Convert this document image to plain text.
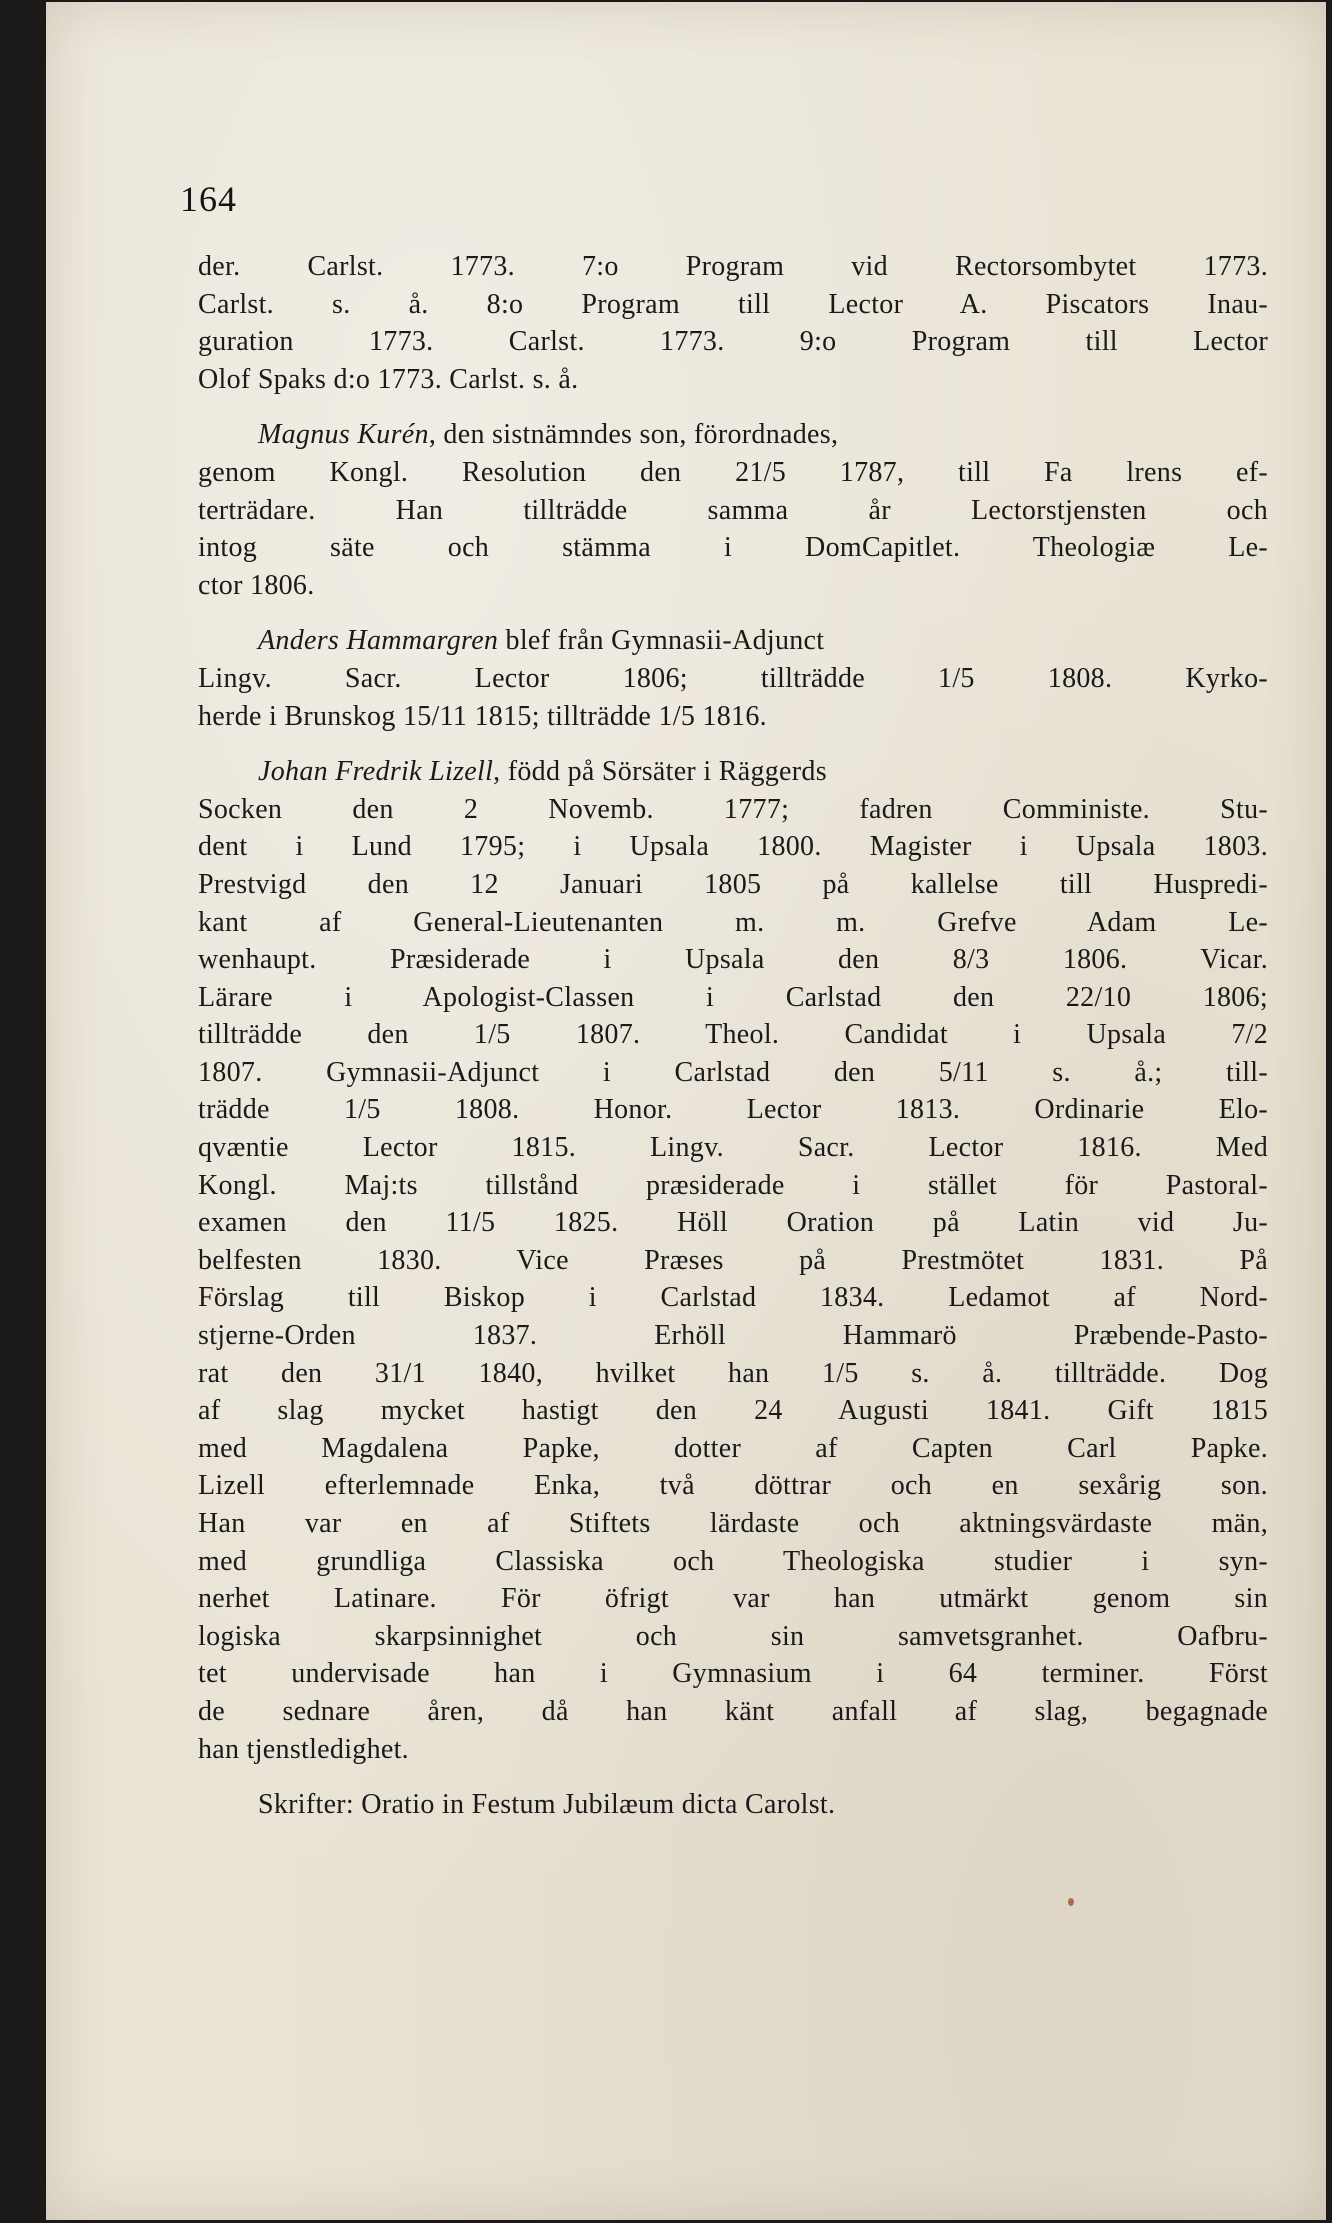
164
der. Carlst. 1773. 7:o Program vid Rectorsombytet 1773.
Carlst. s. å. 8:o Program till Lector A. Piscators Inau-
guration 1773. Carlst. 1773. 9:o Program till Lector
Olof Spaks d:o 1773. Carlst. s. å.
Magnus Kurén, den sistnämndes son, förordnades,
genom Kongl. Resolution den 21/5 1787, till Fa lrens ef-
terträdare. Han tillträdde samma år Lectorstjensten och
intog säte och stämma i DomCapitlet. Theologiæ Le-
ctor 1806.
Anders Hammargren blef från Gymnasii-Adjunct
Lingv. Sacr. Lector 1806; tillträdde 1/5 1808. Kyrko-
herde i Brunskog 15/11 1815; tillträdde 1/5 1816.
Johan Fredrik Lizell, född på Sörsäter i Räggerds
Socken den 2 Novemb. 1777; fadren Comministe. Stu-
dent i Lund 1795; i Upsala 1800. Magister i Upsala 1803.
Prestvigd den 12 Januari 1805 på kallelse till Huspredi-
kant af General-Lieutenanten m. m. Grefve Adam Le-
wenhaupt. Præsiderade i Upsala den 8/3 1806. Vicar.
Lärare i Apologist-Classen i Carlstad den 22/10 1806;
tillträdde den 1/5 1807. Theol. Candidat i Upsala 7/2
1807. Gymnasii-Adjunct i Carlstad den 5/11 s. å.; till-
trädde 1/5 1808. Honor. Lector 1813. Ordinarie Elo-
qvæntie Lector 1815. Lingv. Sacr. Lector 1816. Med
Kongl. Maj:ts tillstånd præsiderade i stället för Pastoral-
examen den 11/5 1825. Höll Oration på Latin vid Ju-
belfesten 1830. Vice Præses på Prestmötet 1831. På
Förslag till Biskop i Carlstad 1834. Ledamot af Nord-
stjerne-Orden 1837. Erhöll Hammarö Præbende-Pasto-
rat den 31/1 1840, hvilket han 1/5 s. å. tillträdde. Dog
af slag mycket hastigt den 24 Augusti 1841. Gift 1815
med Magdalena Papke, dotter af Capten Carl Papke.
Lizell efterlemnade Enka, två döttrar och en sexårig son.
Han var en af Stiftets lärdaste och aktningsvärdaste män,
med grundliga Classiska och Theologiska studier i syn-
nerhet Latinare. För öfrigt var han utmärkt genom sin
logiska skarpsinnighet och sin samvetsgranhet. Oafbru-
tet undervisade han i Gymnasium i 64 terminer. Först
de sednare åren, då han känt anfall af slag, begagnade
han tjenstledighet.
Skrifter: Oratio in Festum Jubilæum dicta Carolst.
